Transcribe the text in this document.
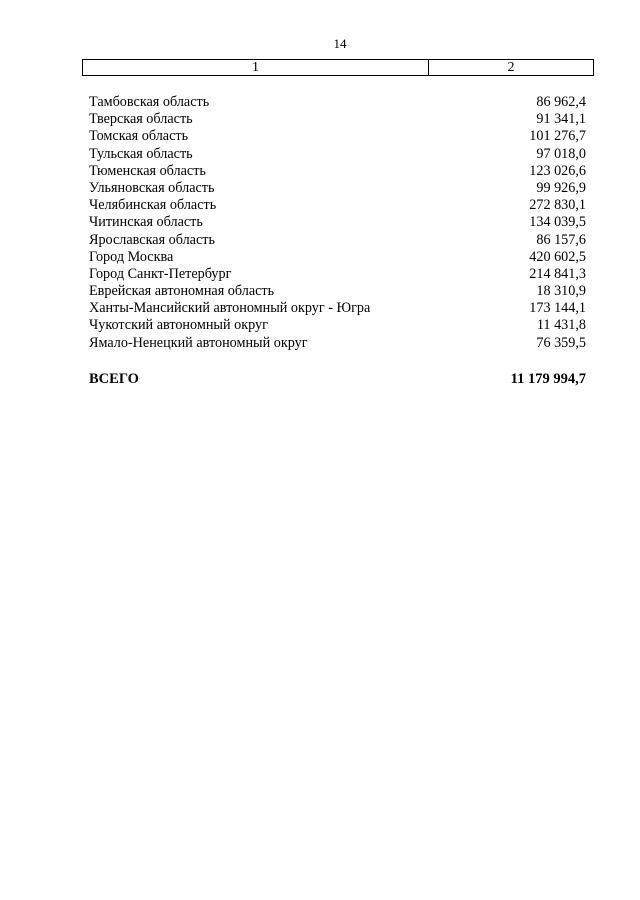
14
1	2
Тамбовская область	86 962,4
Тверская область	91 341,1
Томская область	101 276,7
Тульская область	97 018,0
Тюменская область	123 026,6
Ульяновская область	99 926,9
Челябинская область	272 830,1
Читинская область	134 039,5
Ярославская область	86 157,6
Город Москва	420 602,5
Город Санкт-Петербург	214 841,3
Еврейская автономная область	18 310,9
Ханты-Мансийский автономный округ - Югра	173 144,1
Чукотский автономный округ	11 431,8
Ямало-Ненецкий автономный округ	76 359,5
ВСЕГО	11 179 994,7
